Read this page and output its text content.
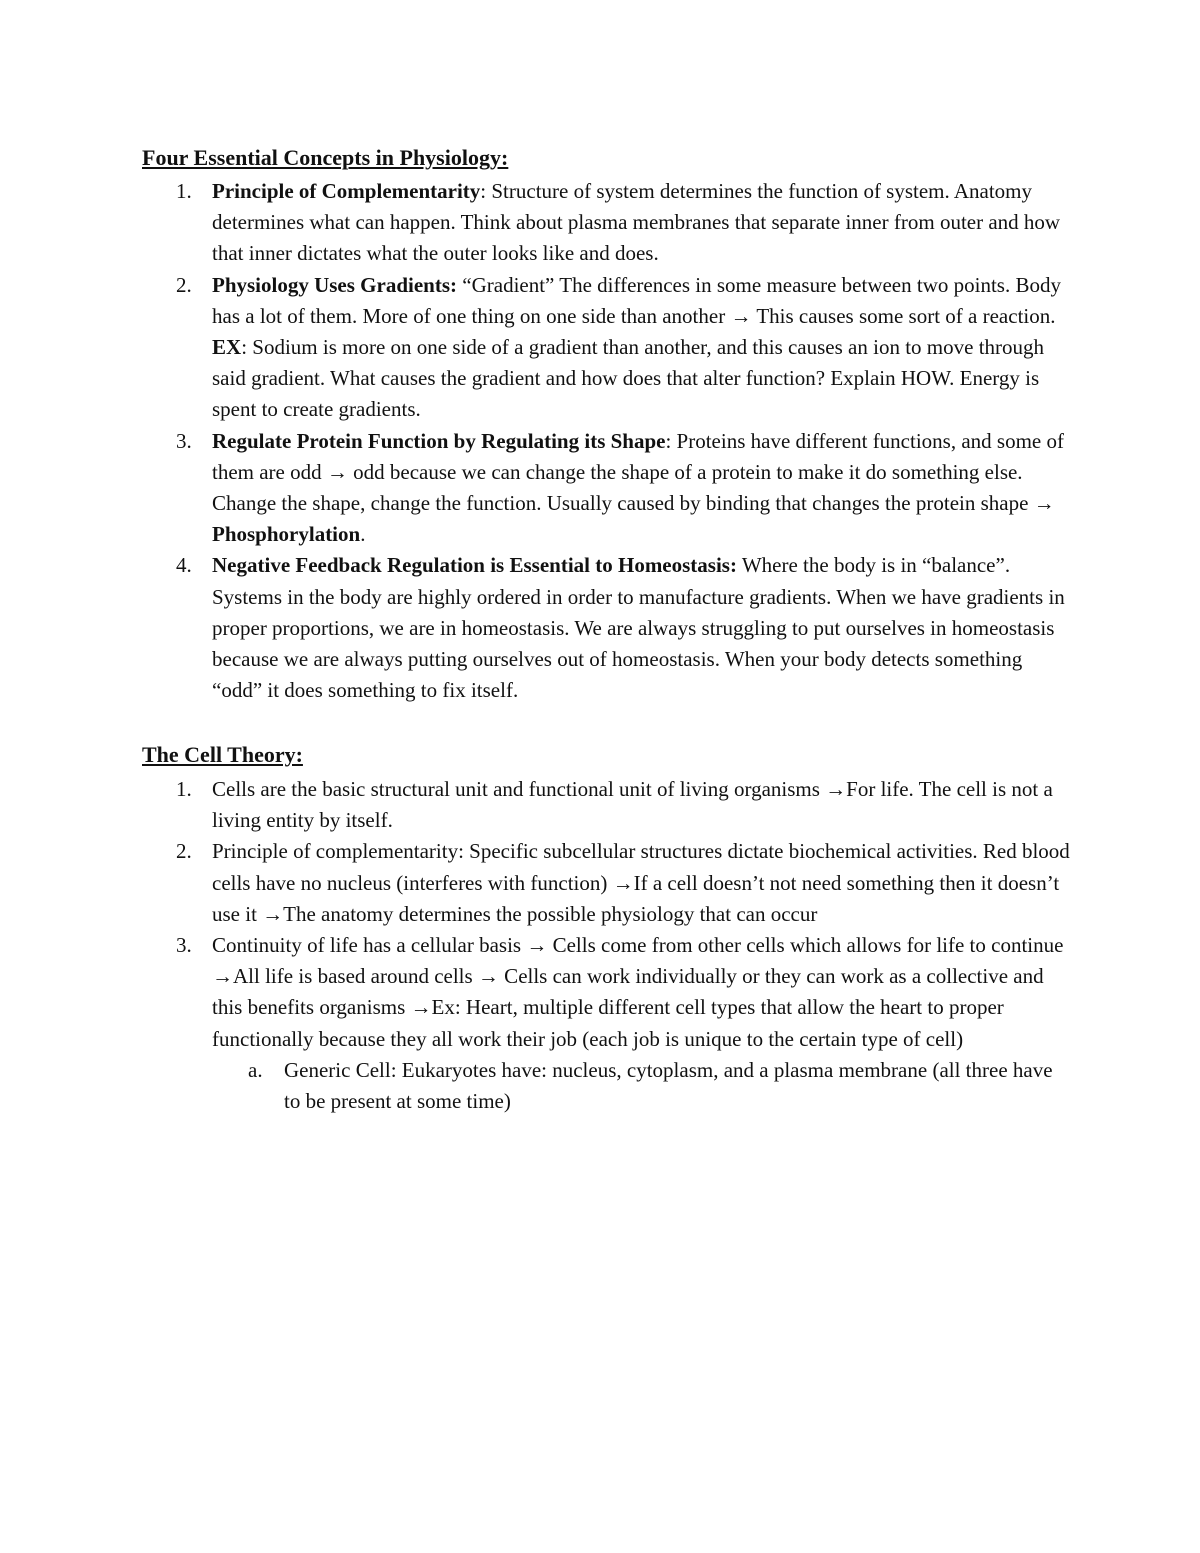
Four Essential Concepts in Physiology:
1. Principle of Complementarity: Structure of system determines the function of system. Anatomy determines what can happen. Think about plasma membranes that separate inner from outer and how that inner dictates what the outer looks like and does.
2. Physiology Uses Gradients: “Gradient” The differences in some measure between two points. Body has a lot of them. More of one thing on one side than another → This causes some sort of a reaction. EX: Sodium is more on one side of a gradient than another, and this causes an ion to move through said gradient. What causes the gradient and how does that alter function? Explain HOW. Energy is spent to create gradients.
3. Regulate Protein Function by Regulating its Shape: Proteins have different functions, and some of them are odd → odd because we can change the shape of a protein to make it do something else. Change the shape, change the function. Usually caused by binding that changes the protein shape → Phosphorylation.
4. Negative Feedback Regulation is Essential to Homeostasis: Where the body is in “balance”. Systems in the body are highly ordered in order to manufacture gradients. When we have gradients in proper proportions, we are in homeostasis. We are always struggling to put ourselves in homeostasis because we are always putting ourselves out of homeostasis. When your body detects something “odd” it does something to fix itself.
The Cell Theory:
1. Cells are the basic structural unit and functional unit of living organisms →For life. The cell is not a living entity by itself.
2. Principle of complementarity: Specific subcellular structures dictate biochemical activities. Red blood cells have no nucleus (interferes with function) →If a cell doesn’t not need something then it doesn’t use it →The anatomy determines the possible physiology that can occur
3. Continuity of life has a cellular basis → Cells come from other cells which allows for life to continue →All life is based around cells → Cells can work individually or they can work as a collective and this benefits organisms →Ex: Heart, multiple different cell types that allow the heart to proper functionally because they all work their job (each job is unique to the certain type of cell)
a. Generic Cell: Eukaryotes have: nucleus, cytoplasm, and a plasma membrane (all three have to be present at some time)
